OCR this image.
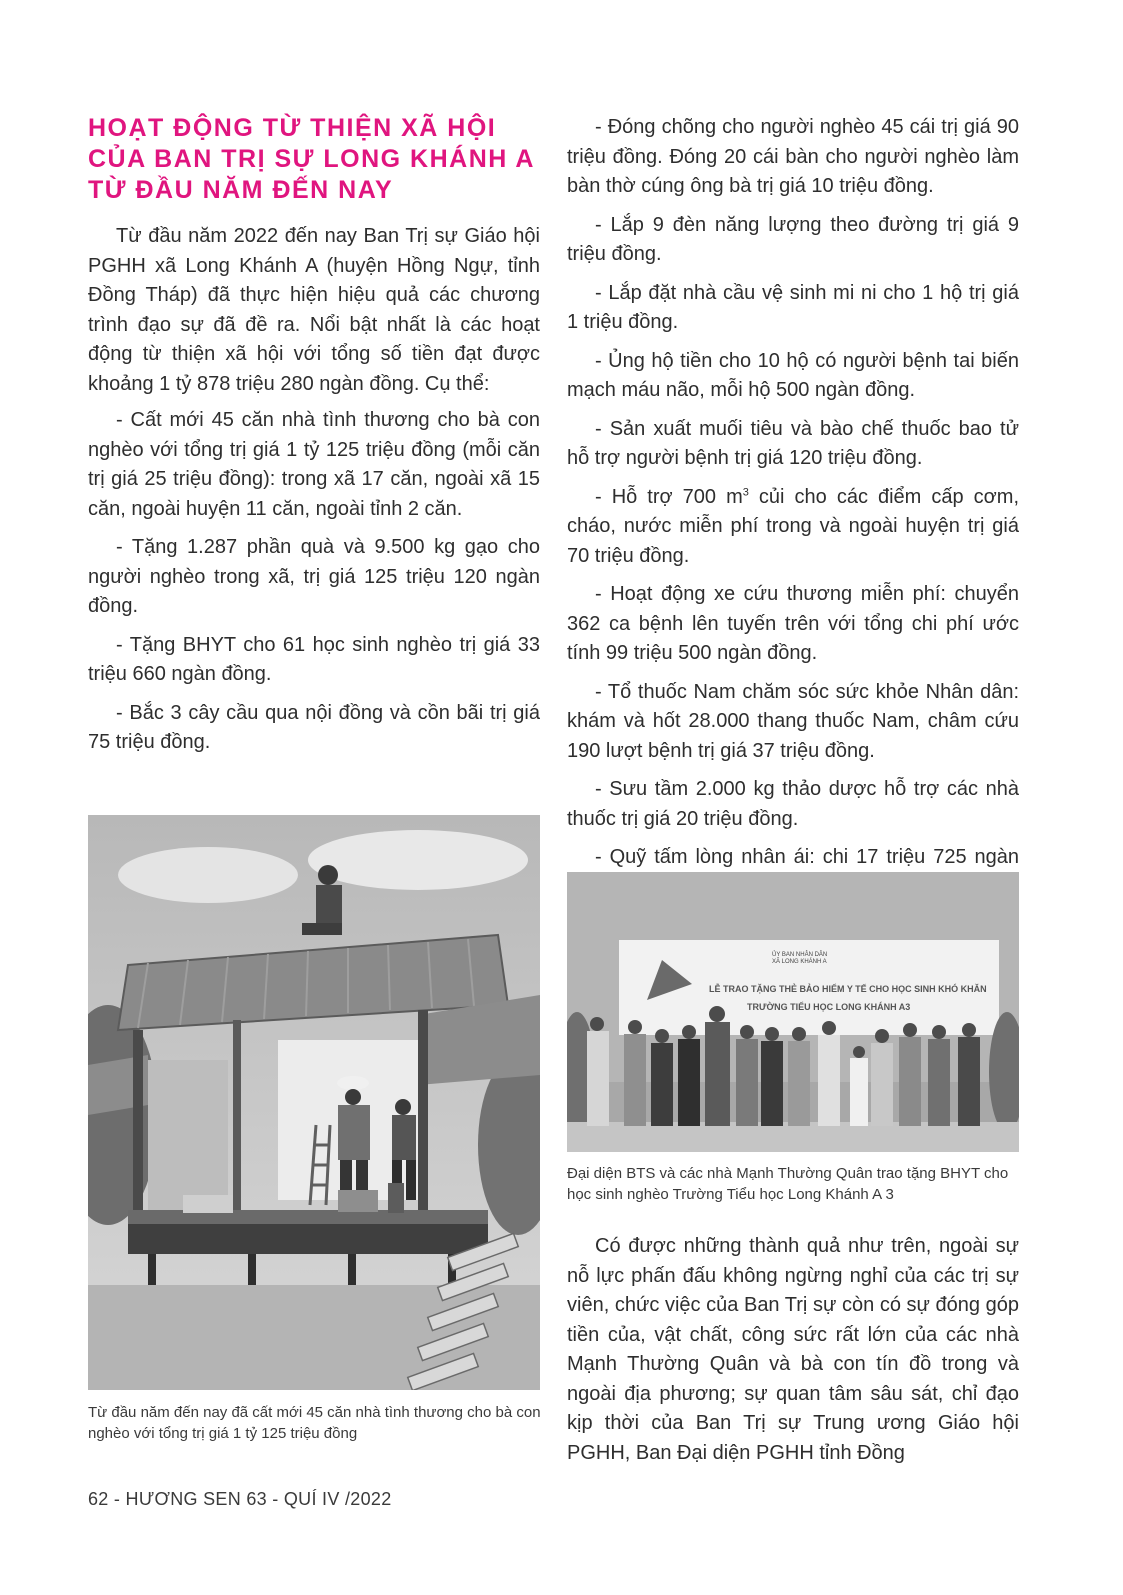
HOẠT ĐỘNG TỪ THIỆN XÃ HỘI CỦA BAN TRỊ SỰ LONG KHÁNH A TỪ ĐẦU NĂM ĐẾN NAY

Từ đầu năm 2022 đến nay Ban Trị sự Giáo hội PGHH xã Long Khánh A (huyện Hồng Ngự, tỉnh Đồng Tháp) đã thực hiện hiệu quả các chương trình đạo sự đã đề ra. Nổi bật nhất là các hoạt động từ thiện xã hội với tổng số tiền đạt được khoảng 1 tỷ 878 triệu 280 ngàn đồng. Cụ thể:

- Cất mới 45 căn nhà tình thương cho bà con nghèo với tổng trị giá 1 tỷ 125 triệu đồng (mỗi căn trị giá 25 triệu đồng): trong xã 17 căn, ngoài xã 15 căn, ngoài huyện 11 căn, ngoài tỉnh 2 căn.

- Tặng 1.287 phần quà và 9.500 kg gạo cho người nghèo trong xã, trị giá 125 triệu 120 ngàn đồng.

- Tặng BHYT cho 61 học sinh nghèo trị giá 33 triệu 660 ngàn đồng.

- Bắc 3 cây cầu qua nội đồng và cồn bãi trị giá 75 triệu đồng.

Từ đầu năm đến nay đã cất mới 45 căn nhà tình thương cho bà con nghèo với tổng trị giá 1 tỷ 125 triệu đồng

- Đóng chõng cho người nghèo 45 cái trị giá 90 triệu đồng. Đóng 20 cái bàn cho người nghèo làm bàn thờ cúng ông bà trị giá 10 triệu đồng.

- Lắp 9 đèn năng lượng theo đường trị giá 9 triệu đồng.

- Lắp đặt nhà cầu vệ sinh mi ni cho 1 hộ trị giá 1 triệu đồng.

- Ủng hộ tiền cho 10 hộ có người bệnh tai biến mạch máu não, mỗi hộ 500 ngàn đồng.

- Sản xuất muối tiêu và bào chế thuốc bao tử hỗ trợ người bệnh trị giá 120 triệu đồng.

- Hỗ trợ 700 $m^3$ củi cho các điểm cấp cơm, cháo, nước miễn phí trong và ngoài huyện trị giá 70 triệu đồng.

- Hoạt động xe cứu thương miễn phí: chuyển 362 ca bệnh lên tuyến trên với tổng chi phí ước tính 99 triệu 500 ngàn đồng.

- Tổ thuốc Nam chăm sóc sức khỏe Nhân dân: khám và hốt 28.000 thang thuốc Nam, châm cứu 190 lượt bệnh trị giá 37 triệu đồng.

- Sưu tầm 2.000 kg thảo dược hỗ trợ các nhà thuốc trị giá 20 triệu đồng.

- Quỹ tấm lòng nhân ái: chi 17 triệu 725 ngàn

ỦY BAN NHÂN DÂN
XÃ LONG KHÁNH A
LỄ TRAO TẶNG THẺ BẢO HIỂM Y TẾ CHO HỌC SINH KHÓ KHĂN
TRƯỜNG TIỂU HỌC LONG KHÁNH A3
Đại diện BTS và các nhà Mạnh Thường Quân trao tặng BHYT cho học sinh nghèo Trường Tiểu học Long Khánh A 3

Có được những thành quả như trên, ngoài sự nỗ lực phấn đấu không ngừng nghỉ của các trị sự viên, chức việc của Ban Trị sự còn có sự đóng góp tiền của, vật chất, công sức rất lớn của các nhà Mạnh Thường Quân và bà con tín đồ trong và ngoài địa phương; sự quan tâm sâu sát, chỉ đạo kịp thời của Ban Trị sự Trung ương Giáo hội PGHH, Ban Đại diện PGHH tỉnh Đồng

62 - HƯƠNG SEN 63 - QUÍ IV /2022
